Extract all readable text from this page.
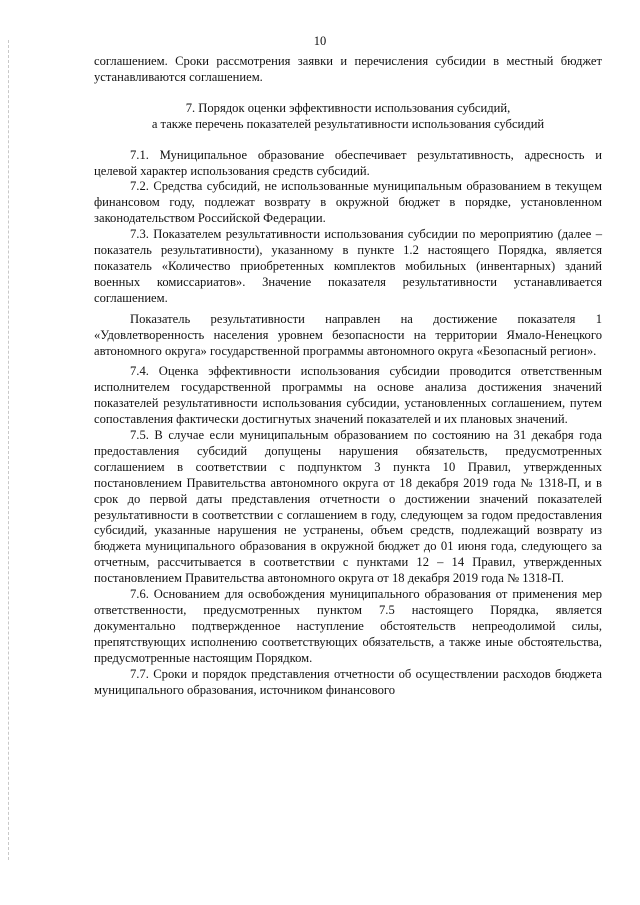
10

соглашением. Сроки рассмотрения заявки и перечисления субсидии в местный бюджет устанавливаются соглашением.

7. Порядок оценки эффективности использования субсидий,
а также перечень показателей результативности использования субсидий

7.1. Муниципальное образование обеспечивает результативность, адресность и целевой характер использования средств субсидий.

7.2. Средства субсидий, не использованные муниципальным образованием в текущем финансовом году, подлежат возврату в окружной бюджет в порядке, установленном законодательством Российской Федерации.

7.3. Показателем результативности использования субсидии по мероприятию (далее – показатель результативности), указанному в пункте 1.2 настоящего Порядка, является показатель «Количество приобретенных комплектов мобильных (инвентарных) зданий военных комиссариатов». Значение показателя результативности устанавливается соглашением.

Показатель результативности направлен на достижение показателя 1 «Удовлетворенность населения уровнем безопасности на территории Ямало-Ненецкого автономного округа» государственной программы автономного округа «Безопасный регион».

7.4. Оценка эффективности использования субсидии проводится ответственным исполнителем государственной программы на основе анализа достижения значений показателей результативности использования субсидии, установленных соглашением, путем сопоставления фактически достигнутых значений показателей и их плановых значений.

7.5. В случае если муниципальным образованием по состоянию на 31 декабря года предоставления субсидий допущены нарушения обязательств, предусмотренных соглашением в соответствии с подпунктом 3 пункта 10 Правил, утвержденных постановлением Правительства автономного округа от 18 декабря 2019 года № 1318-П, и в срок до первой даты представления отчетности о достижении значений показателей результативности в соответствии с соглашением в году, следующем за годом предоставления субсидий, указанные нарушения не устранены, объем средств, подлежащий возврату из бюджета муниципального образования в окружной бюджет до 01 июня года, следующего за отчетным, рассчитывается в соответствии с пунктами 12 – 14 Правил, утвержденных постановлением Правительства автономного округа от 18 декабря 2019 года № 1318-П.

7.6. Основанием для освобождения муниципального образования от применения мер ответственности, предусмотренных пунктом 7.5 настоящего Порядка, является документально подтвержденное наступление обстоятельств непреодолимой силы, препятствующих исполнению соответствующих обязательств, а также иные обстоятельства, предусмотренные настоящим Порядком.

7.7. Сроки и порядок представления отчетности об осуществлении расходов бюджета муниципального образования, источником финансового
